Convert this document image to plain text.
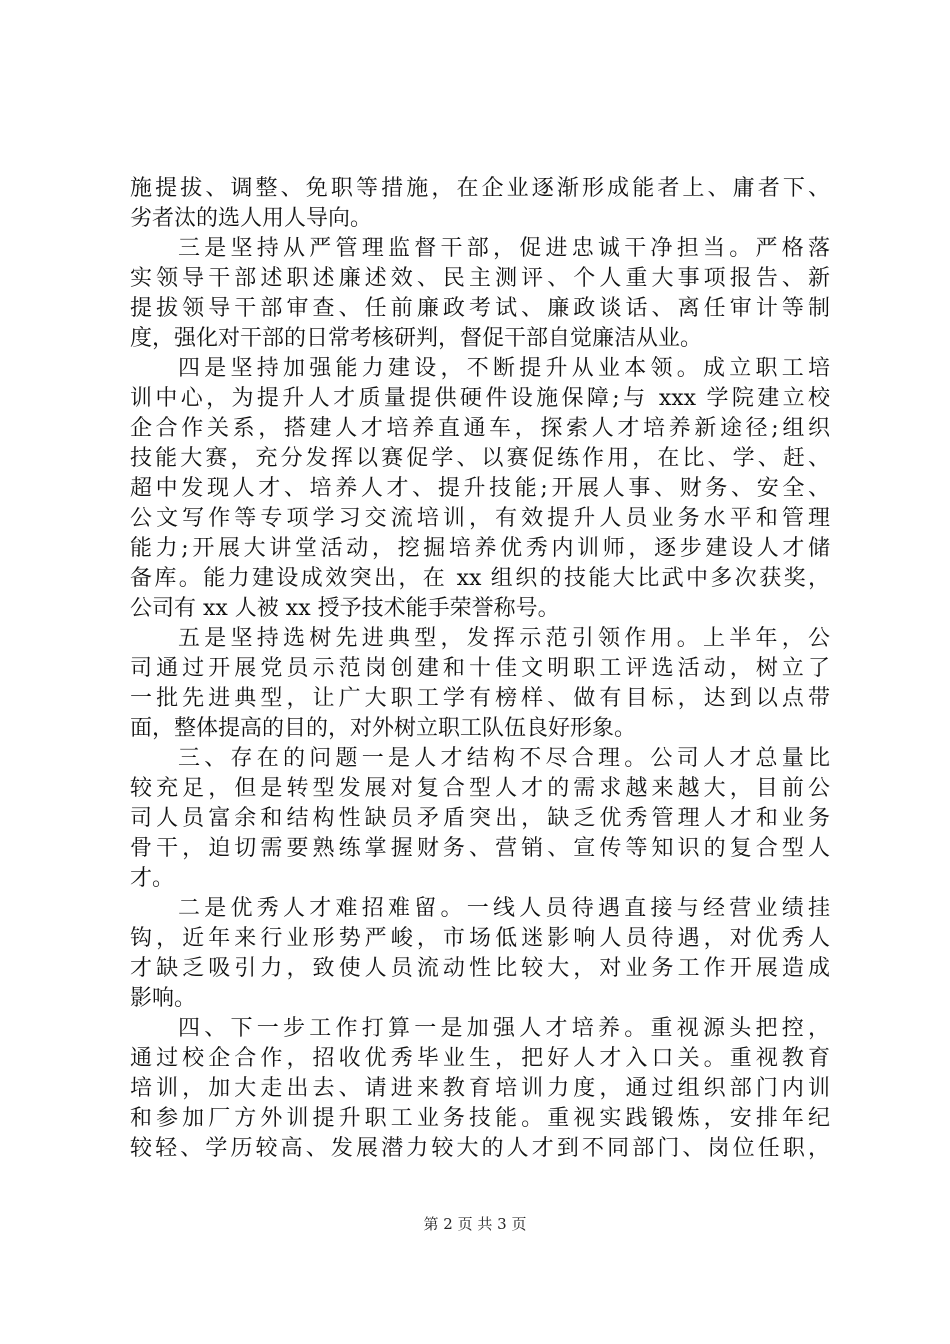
施提拔、调整、免职等措施，在企业逐渐形成能者上、庸者下、
劣者汰的选人用人导向。
三是坚持从严管理监督干部，促进忠诚干净担当。严格落
实领导干部述职述廉述效、民主测评、个人重大事项报告、新
提拔领导干部审查、任前廉政考试、廉政谈话、离任审计等制
度，强化对干部的日常考核研判，督促干部自觉廉洁从业。
四是坚持加强能力建设，不断提升从业本领。成立职工培
训中心，为提升人才质量提供硬件设施保障;与 xxx 学院建立校
企合作关系，搭建人才培养直通车，探索人才培养新途径;组织
技能大赛，充分发挥以赛促学、以赛促练作用，在比、学、赶、
超中发现人才、培养人才、提升技能;开展人事、财务、安全、
公文写作等专项学习交流培训，有效提升人员业务水平和管理
能力;开展大讲堂活动，挖掘培养优秀内训师，逐步建设人才储
备库。能力建设成效突出，在 xx 组织的技能大比武中多次获奖，
公司有 xx 人被 xx 授予技术能手荣誉称号。
五是坚持选树先进典型，发挥示范引领作用。上半年，公
司通过开展党员示范岗创建和十佳文明职工评选活动，树立了
一批先进典型，让广大职工学有榜样、做有目标，达到以点带
面，整体提高的目的，对外树立职工队伍良好形象。
三、存在的问题一是人才结构不尽合理。公司人才总量比
较充足，但是转型发展对复合型人才的需求越来越大，目前公
司人员富余和结构性缺员矛盾突出，缺乏优秀管理人才和业务
骨干，迫切需要熟练掌握财务、营销、宣传等知识的复合型人
才。
二是优秀人才难招难留。一线人员待遇直接与经营业绩挂
钩，近年来行业形势严峻，市场低迷影响人员待遇，对优秀人
才缺乏吸引力，致使人员流动性比较大，对业务工作开展造成
影响。
四、下一步工作打算一是加强人才培养。重视源头把控，
通过校企合作，招收优秀毕业生，把好人才入口关。重视教育
培训，加大走出去、请进来教育培训力度，通过组织部门内训
和参加厂方外训提升职工业务技能。重视实践锻炼，安排年纪
较轻、学历较高、发展潜力较大的人才到不同部门、岗位任职，
第 2 页 共 3 页
